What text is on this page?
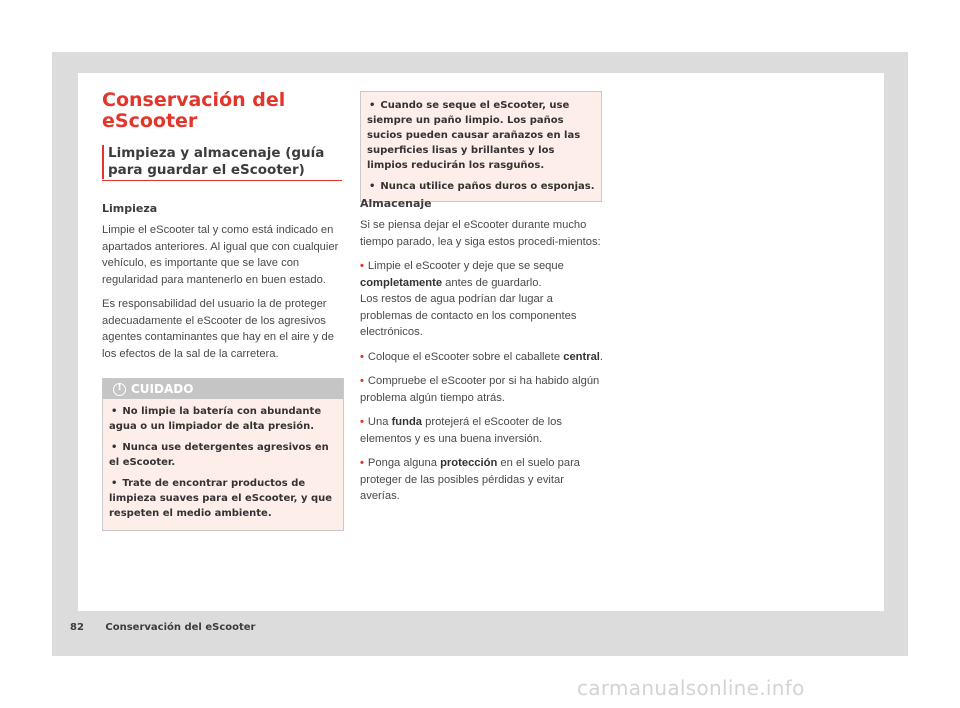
Conservación del eScooter
Limpieza y almacenaje (guía para guardar el eScooter)

Limpieza

Limpie el eScooter tal y como está indicado en apartados anteriores. Al igual que con cualquier vehículo, es importante que se lave con regularidad para mantenerlo en buen estado.

Es responsabilidad del usuario la de proteger adecuadamente el eScooter de los agresivos agentes contaminantes que hay en el aire y de los efectos de la sal de la carretera.

!
CUIDADO

• No limpie la batería con abundante agua o un limpiador de alta presión.

• Nunca use detergentes agresivos en el eScooter.

• Trate de encontrar productos de limpieza suaves para el eScooter, y que respeten el medio ambiente.

• Cuando se seque el eScooter, use siempre un paño limpio. Los paños sucios pueden causar arañazos en las superficies lisas y brillantes y los limpios reducirán los rasguños.

• Nunca utilice paños duros o esponjas.

Almacenaje

Si se piensa dejar el eScooter durante mucho tiempo parado, lea y siga estos procedi-mientos:

• Limpie el eScooter y deje que se seque completamente antes de guardarlo.
Los restos de agua podrían dar lugar a problemas de contacto en los componentes electrónicos.

• Coloque el eScooter sobre el caballete central.

• Compruebe el eScooter por si ha habido algún problema algún tiempo atrás.

• Una funda protejerá el eScooter de los elementos y es una buena inversión.

• Ponga alguna protección en el suelo para proteger de las posibles pérdidas y evitar averías.

82 Conservación del eScooter
carmanualsonline.info
